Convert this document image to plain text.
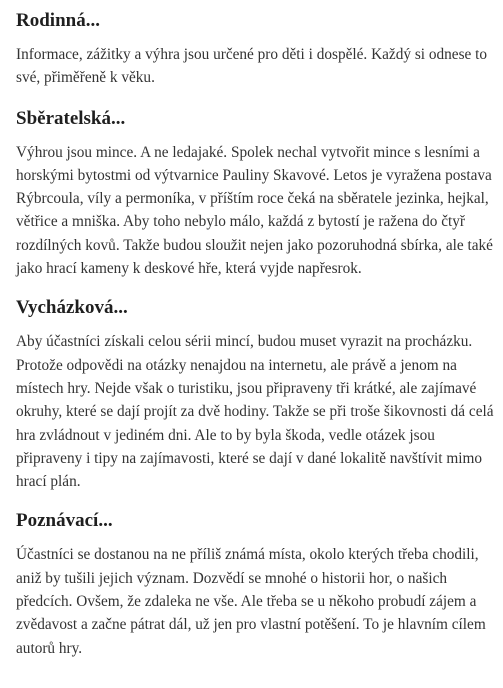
Rodinná...

Informace, zážitky a výhra jsou určené pro děti i dospělé. Každý si odnese to své, přiměřeně k věku.

Sběratelská...

Výhrou jsou mince. A ne ledajaké. Spolek nechal vytvořit mince s lesními a horskými bytostmi od výtvarnice Pauliny Skavové. Letos je vyražena postava Rýbrcoula, víly a permoníka, v příštím roce čeká na sběratele jezinka, hejkal, větřice a mniška. Aby toho nebylo málo, každá z bytostí je ražena do čtyř rozdílných kovů. Takže budou sloužit nejen jako pozoruhodná sbírka, ale také jako hrací kameny k deskové hře, která vyjde napřesrok.

Vycházková...

Aby účastníci získali celou sérii mincí, budou muset vyrazit na procházku. Protože odpovědi na otázky nenajdou na internetu, ale právě a jenom na místech hry. Nejde však o turistiku, jsou připraveny tři krátké, ale zajímavé okruhy, které se dají projít za dvě hodiny. Takže se při troše šikovnosti dá celá hra zvládnout v jediném dni. Ale to by byla škoda, vedle otázek jsou připraveny i tipy na zajímavosti, které se dají v dané lokalitě navštívit mimo hrací plán.

Poznávací...

Účastníci se dostanou na ne příliš známá místa, okolo kterých třeba chodili, aniž by tušili jejich význam. Dozvědí se mnohé o historii hor, o našich předcích. Ovšem, že zdaleka ne vše. Ale třeba se u někoho probudí zájem a zvědavost a začne pátrat dál, už jen pro vlastní potěšení. To je hlavním cílem autorů hry.
